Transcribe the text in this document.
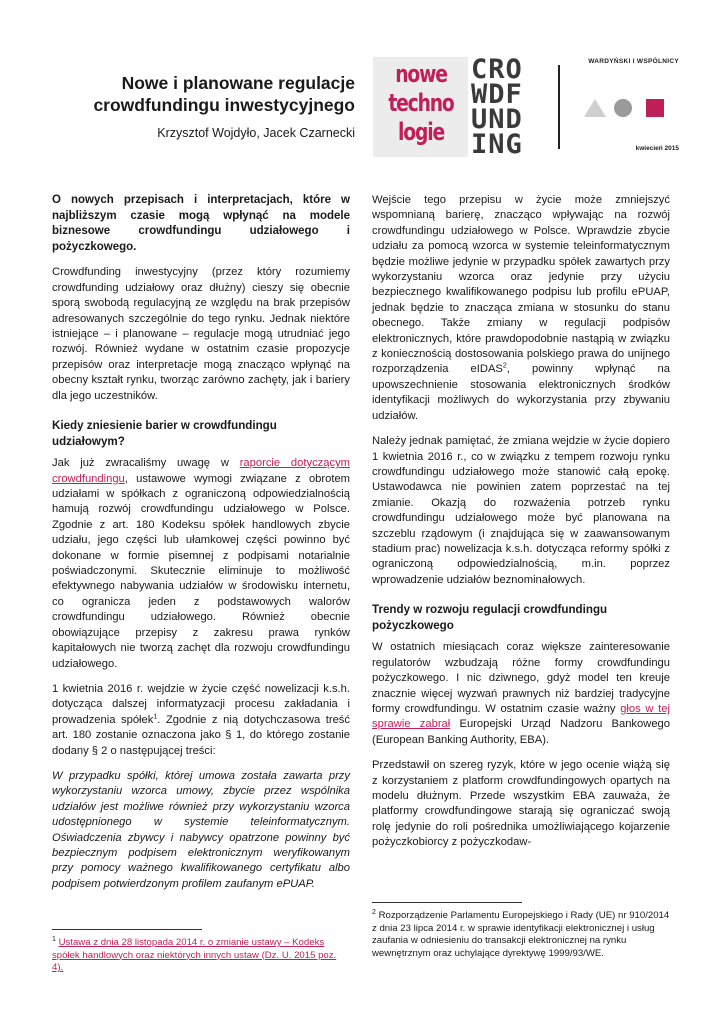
Nowe i planowane regulacje crowdfundingu inwestycyjnego
Krzysztof Wojdyło, Jacek Czarnecki
nowe
techno
logie
CRO
WDF
UND
ING
WARDYŃSKI I WSPÓLNICY
kwiecień 2015

O nowych przepisach i interpretacjach, które w najbliższym czasie mogą wpłynąć na modele biznesowe crowdfundingu udziałowego i pożyczkowego.

Crowdfunding inwestycyjny (przez który rozumiemy crowdfunding udziałowy oraz dłużny) cieszy się obecnie sporą swobodą regulacyjną ze względu na brak przepisów adresowanych szczególnie do tego rynku. Jednak niektóre istniejące – i planowane – regulacje mogą utrudniać jego rozwój. Również wydane w ostatnim czasie propozycje przepisów oraz interpretacje mogą znacząco wpłynąć na obecny kształt rynku, tworząc zarówno zachęty, jak i bariery dla jego uczestników.

Kiedy zniesienie barier w crowdfundingu udziałowym?

Jak już zwracaliśmy uwagę w raporcie dotyczącym crowdfundingu, ustawowe wymogi związane z obrotem udziałami w spółkach z ograniczoną odpowiedzialnością hamują rozwój crowdfundingu udziałowego w Polsce. Zgodnie z art. 180 Kodeksu spółek handlowych zbycie udziału, jego części lub ułamkowej części powinno być dokonane w formie pisemnej z podpisami notarialnie poświadczonymi. Skutecznie eliminuje to możliwość efektywnego nabywania udziałów w środowisku internetu, co ogranicza jeden z podstawowych walorów crowdfundingu udziałowego. Również obecnie obowiązujące przepisy z zakresu prawa rynków kapitałowych nie tworzą zachęt dla rozwoju crowdfundingu udziałowego.

1 kwietnia 2016 r. wejdzie w życie część nowelizacji k.s.h. dotycząca dalszej informatyzacji procesu zakładania i prowadzenia spółek$^1$. Zgodnie z nią dotychczasowa treść art. 180 zostanie oznaczona jako § 1, do którego zostanie dodany § 2 o następującej treści:

W przypadku spółki, której umowa została zawarta przy wykorzystaniu wzorca umowy, zbycie przez wspólnika udziałów jest możliwe również przy wykorzystaniu wzorca udostępnionego w systemie teleinformatycznym. Oświadczenia zbywcy i nabywcy opatrzone powinny być bezpiecznym podpisem elektronicznym weryfikowanym przy pomocy ważnego kwalifikowanego certyfikatu albo podpisem potwierdzonym profilem zaufanym ePUAP.

$^1$ Ustawa z dnia 28 listopada 2014 r. o zmianie ustawy – Kodeks spółek handlowych oraz niektórych innych ustaw (Dz. U. 2015 poz. 4).

Wejście tego przepisu w życie może zmniejszyć wspomnianą barierę, znacząco wpływając na rozwój crowdfundingu udziałowego w Polsce. Wprawdzie zbycie udziału za pomocą wzorca w systemie teleinformatycznym będzie możliwe jedynie w przypadku spółek zawartych przy wykorzystaniu wzorca oraz jedynie przy użyciu bezpiecznego kwalifikowanego podpisu lub profilu ePUAP, jednak będzie to znacząca zmiana w stosunku do stanu obecnego. Także zmiany w regulacji podpisów elektronicznych, które prawdopodobnie nastąpią w związku z koniecznością dostosowania polskiego prawa do unijnego rozporządzenia eIDAS$^2$, powinny wpłynąć na upowszechnienie stosowania elektronicznych środków identyfikacji możliwych do wykorzystania przy zbywaniu udziałów.

Należy jednak pamiętać, że zmiana wejdzie w życie dopiero 1 kwietnia 2016 r., co w związku z tempem rozwoju rynku crowdfundingu udziałowego może stanowić całą epokę. Ustawodawca nie powinien zatem poprzestać na tej zmianie. Okazją do rozważenia potrzeb rynku crowdfundingu udziałowego może być planowana na szczeblu rządowym (i znajdująca się w zaawansowanym stadium prac) nowelizacja k.s.h. dotycząca reformy spółki z ograniczoną odpowiedzialnością, m.in. poprzez wprowadzenie udziałów beznominałowych.

Trendy w rozwoju regulacji crowdfundingu pożyczkowego

W ostatnich miesiącach coraz większe zainteresowanie regulatorów wzbudzają różne formy crowdfundingu pożyczkowego. I nic dziwnego, gdyż model ten kreuje znacznie więcej wyzwań prawnych niż bardziej tradycyjne formy crowdfundingu. W ostatnim czasie ważny głos w tej sprawie zabrał Europejski Urząd Nadzoru Bankowego (European Banking Authority, EBA).

Przedstawił on szereg ryzyk, które w jego ocenie wiążą się z korzystaniem z platform crowdfundingowych opartych na modelu dłużnym. Przede wszystkim EBA zauważa, że platformy crowdfundingowe starają się ograniczać swoją rolę jedynie do roli pośrednika umożliwiającego kojarzenie pożyczkobiorcy z pożyczkodaw-

$^2$ Rozporządzenie Parlamentu Europejskiego i Rady (UE) nr 910/2014 z dnia 23 lipca 2014 r. w sprawie identyfikacji elektronicznej i usług zaufania w odniesieniu do transakcji elektronicznej na rynku wewnętrznym oraz uchylające dyrektywę 1999/93/WE.
